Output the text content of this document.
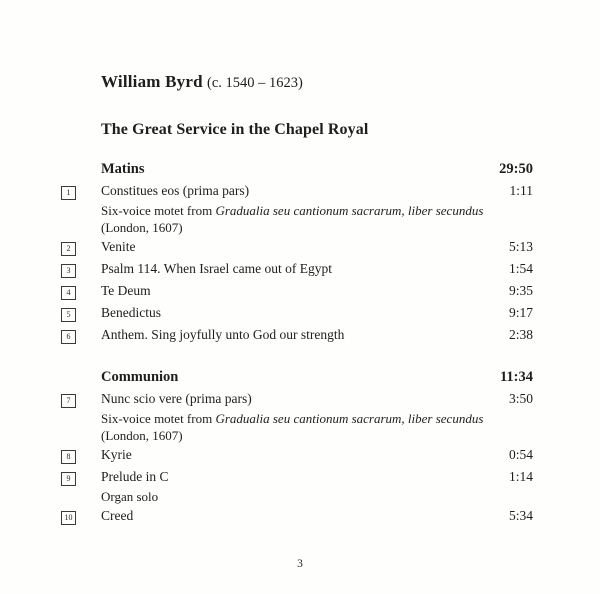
William Byrd (c. 1540 – 1623)
The Great Service in the Chapel Royal
Matins	29:50
1 Constitues eos (prima pars)	1:11
Six-voice motet from Gradualia seu cantionum sacrarum, liber secundus
(London, 1607)
2 Venite	5:13
3 Psalm 114. When Israel came out of Egypt	1:54
4 Te Deum	9:35
5 Benedictus	9:17
6 Anthem. Sing joyfully unto God our strength	2:38
Communion	11:34
7 Nunc scio vere (prima pars)	3:50
Six-voice motet from Gradualia seu cantionum sacrarum, liber secundus
(London, 1607)
8 Kyrie	0:54
9 Prelude in C	1:14
Organ solo
10 Creed	5:34
3
